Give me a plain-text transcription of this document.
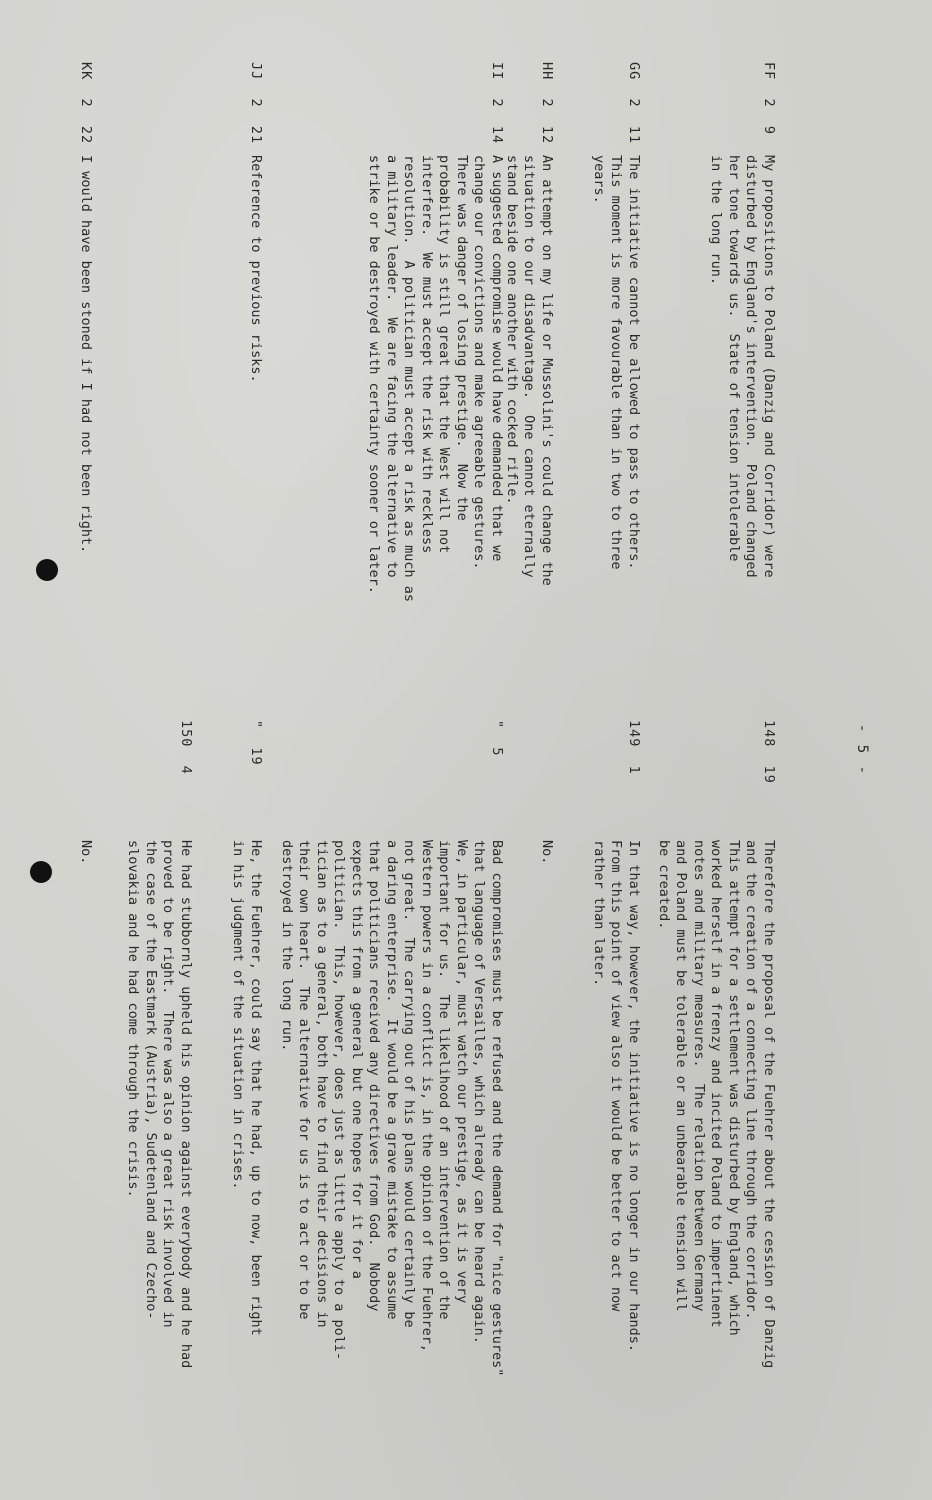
- 5 -
FF  2  9
My propositions to Poland (Danzig and Corridor) were
disturbed by England's intervention.  Poland changed
her tone towards us.  State of tension intolerable
in the long run.
148  19
Therefore the proposal of the Fuehrer about the cession of Danzig
and the creation of a connecting line through the corridor.
This attempt for a settlement was disturbed by England, which
worked herself in a frenzy and incited Poland to impertinent
notes and military measures.  The relation between Germany
and Poland must be tolerable or an unbearable tension will
be created.
GG  2  11
The initiative cannot be allowed to pass to others.
This moment is more favourable than in two to three
years.
149  1
In that way, however, the initiative is no longer in our hands.
From this point of view also it would be better to act now
rather than later.
HH  2  12
An attempt on my life or Mussolini's could change the
situation to our disadvantage.  One cannot eternally
stand beside one another with cocked rifle.
No.
II  2  14
A suggested compromise would have demanded that we
change our convictions and make agreeable gestures.
There was danger of losing prestige.  Now the
probability is still great that the West will not
interfere.  We must accept the risk with reckless
resolution.  A politician must accept a risk as much as
a military leader.  We are facing the alternative to
strike or be destroyed with certainty sooner or later.
"  5
Bad compromises must be refused and the demand for "nice gestures"
that language of Versailles, which already can be heard again.
We, in particular, must watch our prestige, as it is very
important for us.  The likelihood of an intervention of the
Western powers in a conflict is, in the opinion of the Fuehrer,
not great.  The carrying out of his plans would certainly be
a daring enterprise.  It would be a grave mistake to assume
that politicians received any directives from God.  Nobody
expects this from a general but one hopes for it for a
politician.  This, however, does just as little apply to a poli-
tician as to a general, both have to find their decisions in
their own heart.  The alternative for us is to act or to be
destroyed in the long run.
JJ  2  21
Reference to previous risks.
"  19
He, the Fuehrer, could say that he had, up to now, been right
in his judgment of the situation in crises.
150  4
He had stubbornly upheld his opinion against everybody and he had
proved to be right.  There was also a great risk involved in
the case of the Eastmark (Austria), Sudetenland and Czecho-
slovakia and he had come through the crisis.
KK  2  22
I would have been stoned if I had not been right.
No.
